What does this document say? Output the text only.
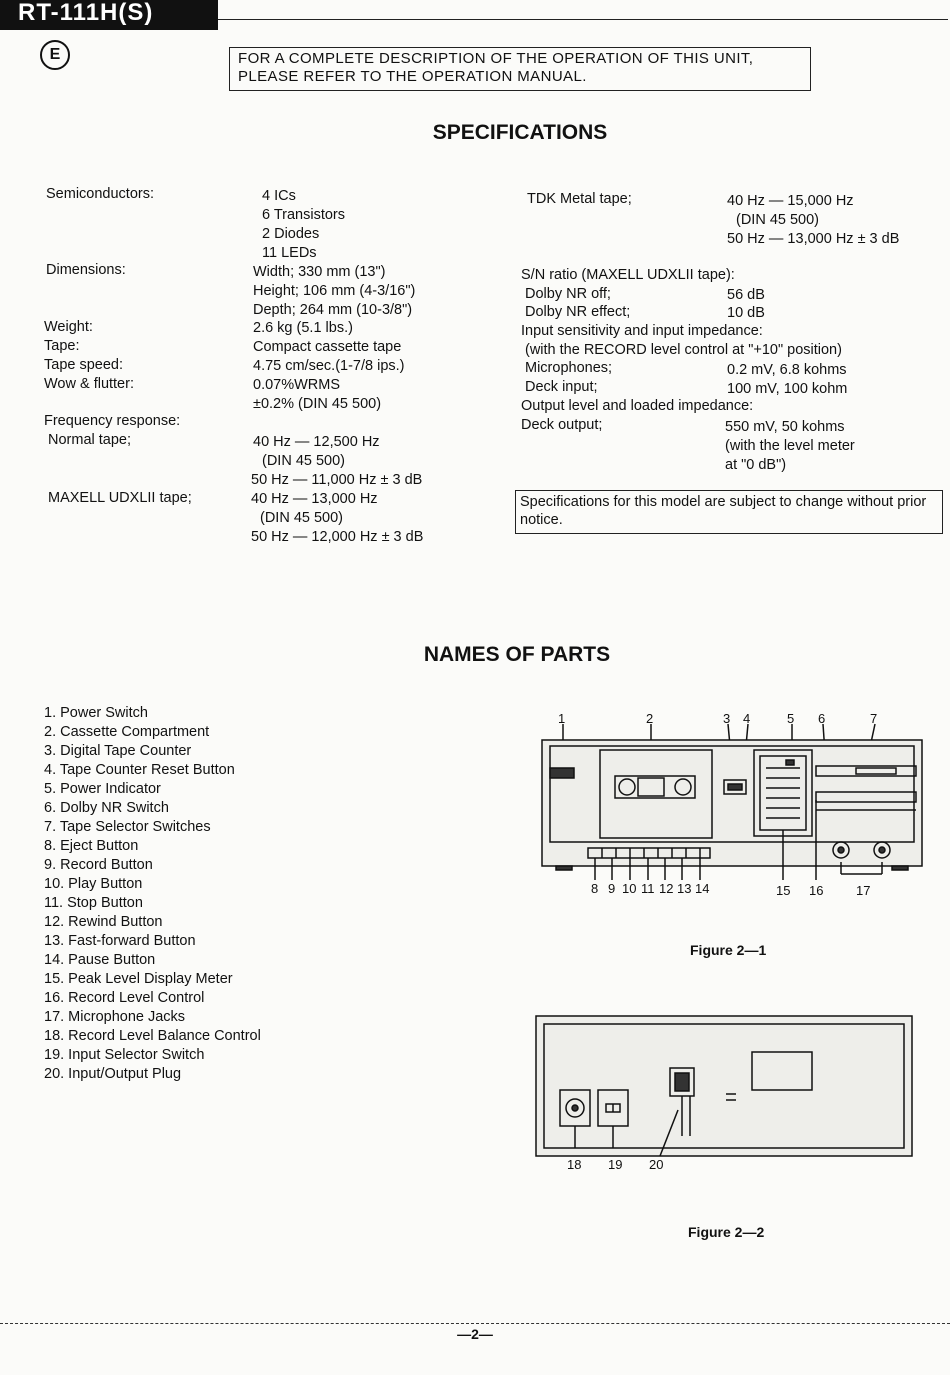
RT-111H(S)
E	FOR A COMPLETE DESCRIPTION OF THE OPERATION OF THIS UNIT,
PLEASE REFER TO THE OPERATION MANUAL.
SPECIFICATIONS
Semiconductors:	4 ICs
6 Transistors
2 Diodes
11 LEDs
Dimensions:	Width; 330 mm (13")
Height; 106 mm (4-3/16")
Depth; 264 mm (10-3/8")
Weight:	2.6 kg (5.1 lbs.)
Tape:	Compact cassette tape
Tape speed:	4.75 cm/sec.(1-7/8 ips.)
Wow & flutter:	0.07%WRMS
±0.2% (DIN 45 500)
Frequency response:
Normal tape;	40 Hz — 12,500 Hz
(DIN 45 500)
50 Hz — 11,000 Hz ± 3 dB
MAXELL UDXLII tape;	40 Hz — 13,000 Hz
(DIN 45 500)
50 Hz — 12,000 Hz ± 3 dB
TDK Metal tape;	40 Hz — 15,000 Hz
(DIN 45 500)
50 Hz — 13,000 Hz ± 3 dB
S/N ratio (MAXELL UDXLII tape):
Dolby NR off;	56 dB
Dolby NR effect;	10 dB
Input sensitivity and input impedance:
(with the RECORD level control at "+10" position)
Microphones;	0.2 mV, 6.8 kohms
Deck input;	100 mV, 100 kohm
Output level and loaded impedance:
Deck output;	550 mV, 50 kohms
(with the level meter
at "0 dB")
Specifications for this model are subject to change without prior notice.
NAMES OF PARTS
1. Power Switch
2. Cassette Compartment
3. Digital Tape Counter
4. Tape Counter Reset Button
5. Power Indicator
6. Dolby NR Switch
7. Tape Selector Switches
8. Eject Button
9. Record Button
10. Play Button
11. Stop Button
12. Rewind Button
13. Fast-forward Button
14. Pause Button
15. Peak Level Display Meter
16. Record Level Control
17. Microphone Jacks
18. Record Level Balance Control
19. Input Selector Switch
20. Input/Output Plug
1	2	3 4	5 6	7
8 9 10 11 12 13 14	15 16	17
Figure 2—1
18 19 20
Figure 2—2
—2—
